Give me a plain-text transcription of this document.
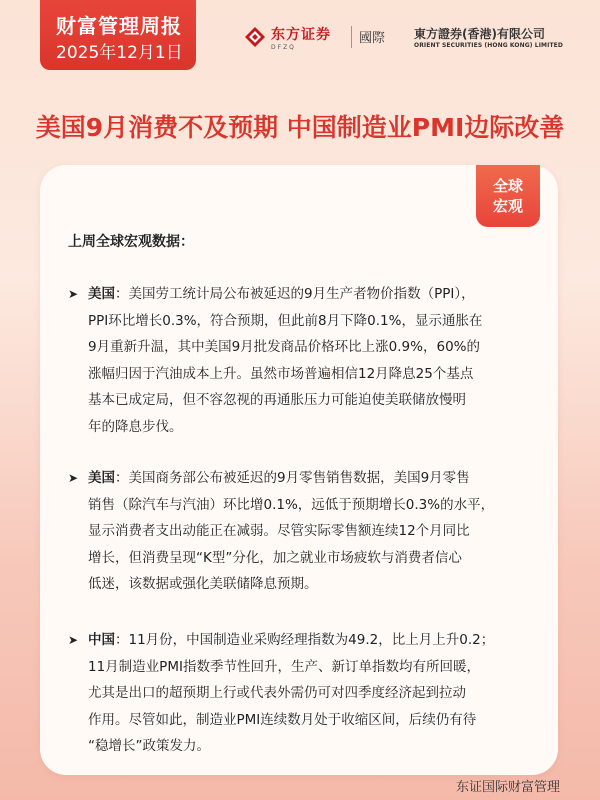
财富管理周报
2025年12月1日
东方证券
DFZQ
國際 東方證券(香港)有限公司
ORIENT SECURITIES (HONG KONG) LIMITED
美国9月消费不及预期 中国制造业PMI边际改善
全球
宏观
上周全球宏观数据：
➤ 美国：美国劳工统计局公布被延迟的9月生产者物价指数（PPI），
PPI环比增长0.3%，符合预期，但此前8月下降0.1%，显示通胀在
9月重新升温，其中美国9月批发商品价格环比上涨0.9%，60%的
涨幅归因于汽油成本上升。虽然市场普遍相信12月降息25个基点
基本已成定局，但不容忽视的再通胀压力可能迫使美联储放慢明
年的降息步伐。
➤ 美国：美国商务部公布被延迟的9月零售销售数据，美国9月零售
销售（除汽车与汽油）环比增0.1%，远低于预期增长0.3%的水平，
显示消费者支出动能正在减弱。尽管实际零售额连续12个月同比
增长，但消费呈现“K型”分化，加之就业市场疲软与消费者信心
低迷，该数据或强化美联储降息预期。
➤ 中国：11月份，中国制造业采购经理指数为49.2，比上月上升0.2；
11月制造业PMI指数季节性回升，生产、新订单指数均有所回暖，
尤其是出口的超预期上行或代表外需仍可对四季度经济起到拉动
作用。尽管如此，制造业PMI连续数月处于收缩区间，后续仍有待
“稳增长”政策发力。
东证国际财富管理
